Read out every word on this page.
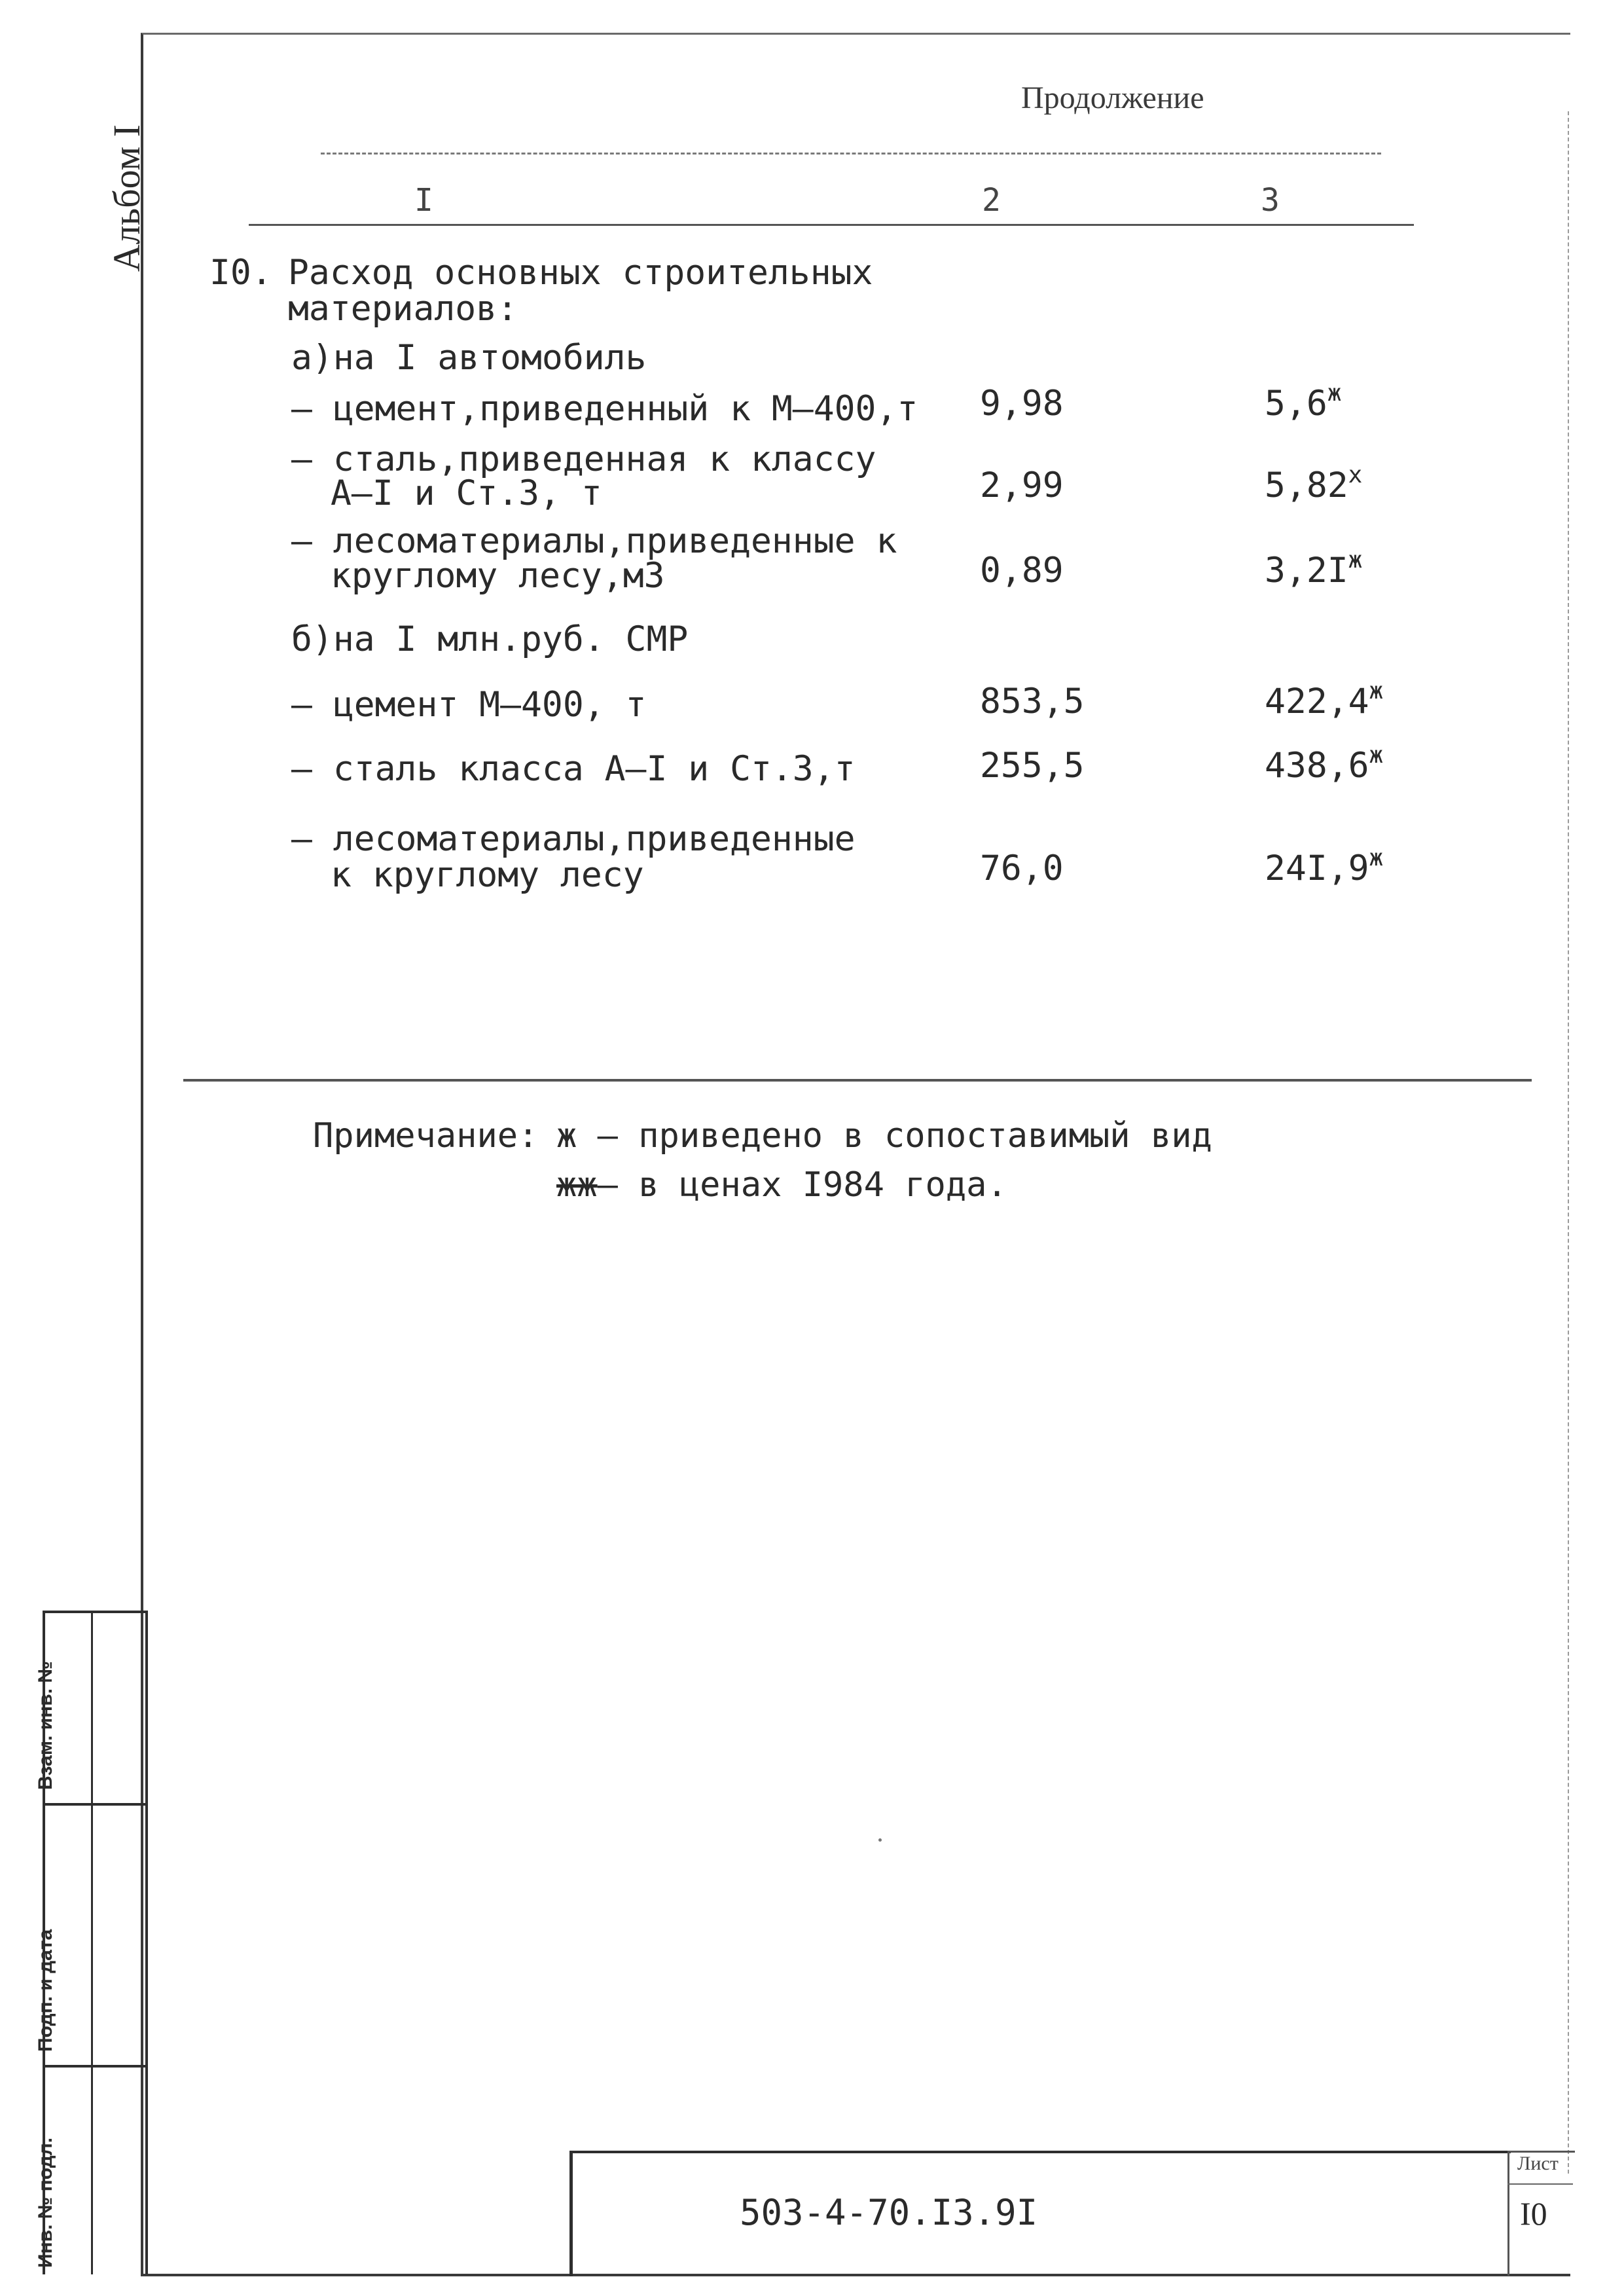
Альбом I
Продолжение
I	2	3
I0. Расход основных строительных
материалов:
а)на I автомобиль
– цемент,приведенный к М–400,т 9,98	$5,6^ж$
– сталь,приведенная к классу
А–I и Ст.3, т	2,99	$5,82^х$
– лесоматериалы,приведенные к
круглому лесу,м3	0,89	$3,2I^ж$
б)на I млн.руб. СМР
– цемент М–400, т	853,5	$422,4^ж$
– сталь класса А–I и Ст.3,т	255,5	$438,6^ж$
– лесоматериалы,приведенные
к круглому лесу	76,0	$24I,9^ж$
Примечание: ж – приведено в сопоставимый вид
жж– в ценах I984 года.
Взам. инв. №
Подп. и дата
Инв. № подл.	503-4-70.I3.9I
Лист
I0
